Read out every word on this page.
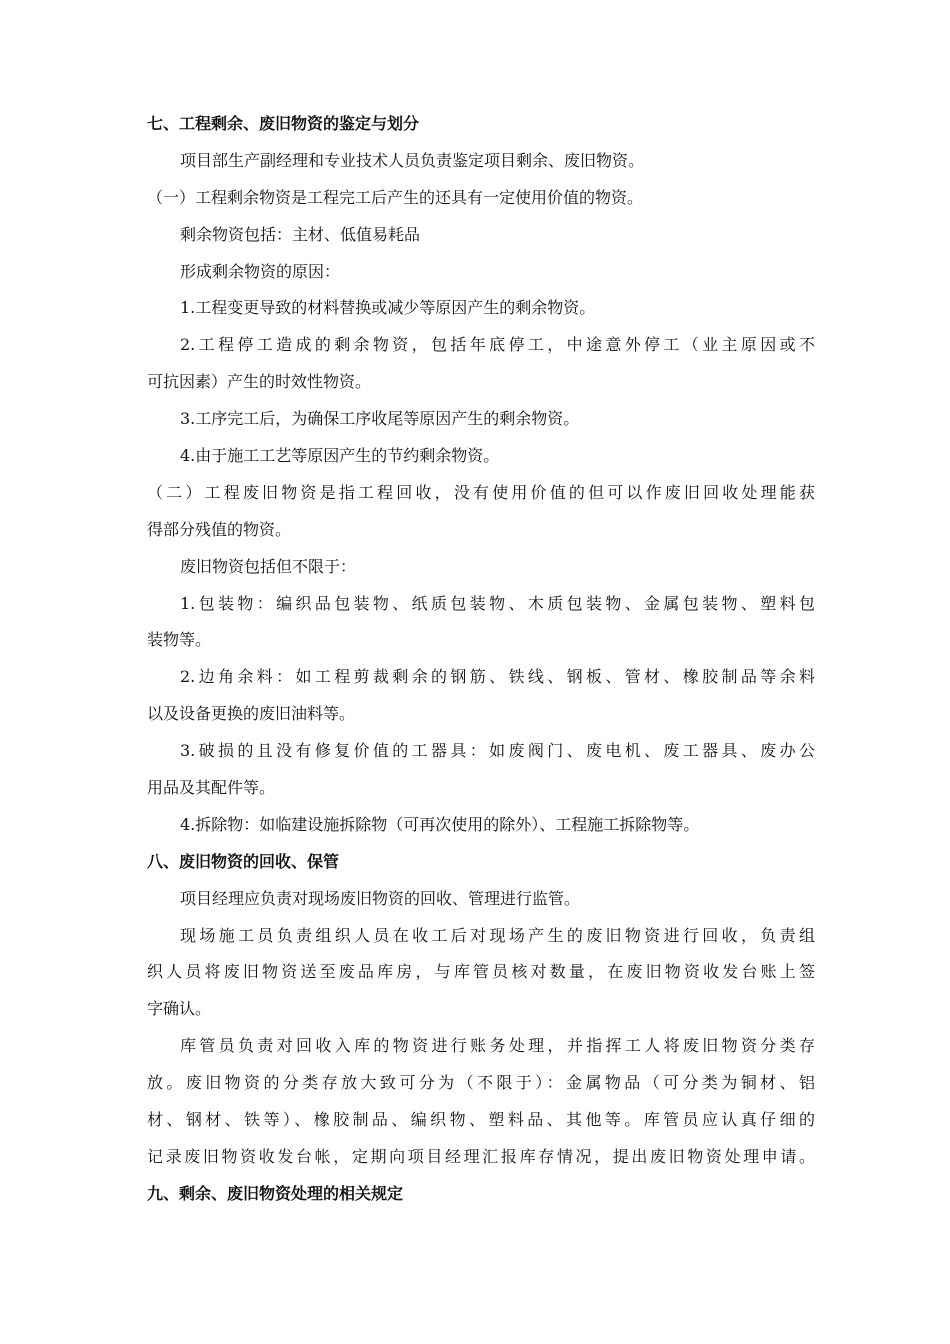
七、工程剩余、废旧物资的鉴定与划分
项目部生产副经理和专业技术人员负责鉴定项目剩余、废旧物资。
（一）工程剩余物资是工程完工后产生的还具有一定使用价值的物资。
剩余物资包括：主材、低值易耗品
形成剩余物资的原因：
1.工程变更导致的材料替换或减少等原因产生的剩余物资。
2.工程停工造成的剩余物资，包括年底停工，中途意外停工（业主原因或不
可抗因素）产生的时效性物资。
3.工序完工后，为确保工序收尾等原因产生的剩余物资。
4.由于施工工艺等原因产生的节约剩余物资。
（二）工程废旧物资是指工程回收，没有使用价值的但可以作废旧回收处理能获
得部分残值的物资。
废旧物资包括但不限于：
1.包装物：编织品包装物、纸质包装物、木质包装物、金属包装物、塑料包
装物等。
2.边角余料：如工程剪裁剩余的钢筋、铁线、钢板、管材、橡胶制品等余料
以及设备更换的废旧油料等。
3.破损的且没有修复价值的工器具：如废阀门、废电机、废工器具、废办公
用品及其配件等。
4.拆除物：如临建设施拆除物（可再次使用的除外）、工程施工拆除物等。
八、废旧物资的回收、保管
项目经理应负责对现场废旧物资的回收、管理进行监管。
现场施工员负责组织人员在收工后对现场产生的废旧物资进行回收，负责组
织人员将废旧物资送至废品库房，与库管员核对数量，在废旧物资收发台账上签
字确认。
库管员负责对回收入库的物资进行账务处理，并指挥工人将废旧物资分类存
放。废旧物资的分类存放大致可分为（不限于）：金属物品（可分类为铜材、铝
材、钢材、铁等）、橡胶制品、编织物、塑料品、其他等。库管员应认真仔细的
记录废旧物资收发台帐，定期向项目经理汇报库存情况，提出废旧物资处理申请。
九、剩余、废旧物资处理的相关规定
